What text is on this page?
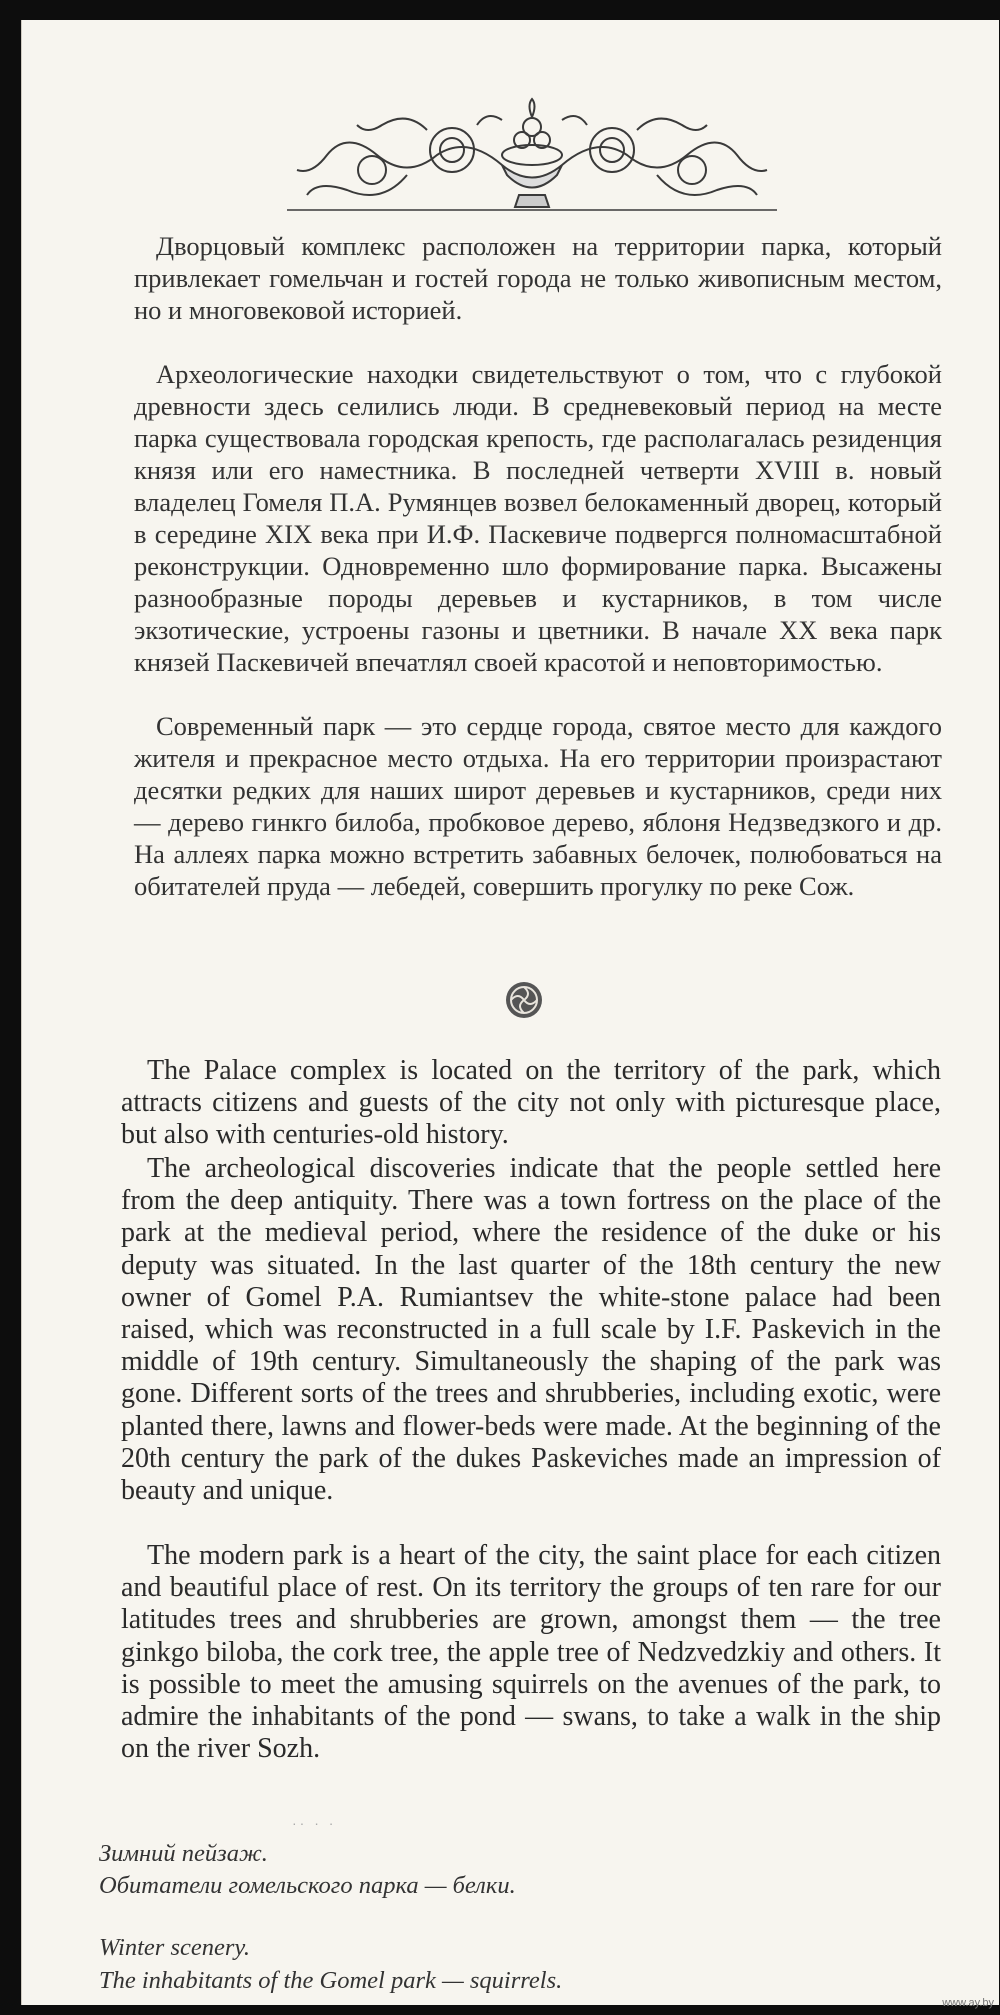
Дворцовый комплекс расположен на территории парка, который привлекает гомельчан и гостей города не только живописным местом, но и многовековой историей.

Археологические находки свидетельствуют о том, что с глубокой древности здесь селились люди. В средневековый период на месте парка существовала городская крепость, где располагалась резиденция князя или его наместника. В последней четверти XVIII в. новый владелец Гомеля П.А. Румянцев возвел белокаменный дворец, который в середине XIX века при И.Ф. Паскевиче подвергся полномасштабной реконструкции. Одновременно шло формирование парка. Высажены разнообразные породы деревьев и кустарников, в том числе экзотические, устроены газоны и цветники. В начале XX века парк князей Паскевичей впечатлял своей красотой и неповторимостью.

Современный парк — это сердце города, святое место для каждого жителя и прекрасное место отдыха. На его территории произрастают десятки редких для наших широт деревьев и кустарников, среди них — дерево гинкго билоба, пробковое дерево, яблоня Недзведзкого и др. На аллеях парка можно встретить забавных белочек, полюбоваться на обитателей пруда — лебедей, совершить прогулку по реке Сож.

The Palace complex is located on the territory of the park, which attracts citizens and guests of the city not only with picturesque place, but also with centuries-old history.

The archeological discoveries indicate that the people settled here from the deep antiquity. There was a town fortress on the place of the park at the medieval period, where the residence of the duke or his deputy was situated. In the last quarter of the 18th century the new owner of Gomel P.A. Rumiantsev the white-stone palace had been raised, which was reconstructed in a full scale by I.F. Paskevich in the middle of 19th century. Simultaneously the shaping of the park was gone. Different sorts of the trees and shrubberies, including exotic, were planted there, lawns and flower-beds were made. At the beginning of the 20th century the park of the dukes Paskeviches made an impression of beauty and unique.

The modern park is a heart of the city, the saint place for each citizen and beautiful place of rest. On its territory the groups of ten rare for our latitudes trees and shrubberies are grown, amongst them — the tree ginkgo biloba, the cork tree, the apple tree of Nedzvedzkiy and others. It is possible to meet the amusing squirrels on the avenues of the park, to admire the inhabitants of the pond — swans, to take a walk in the ship on the river Sozh.

·· · ·

Зимний пейзаж.

Обитатели гомельского парка — белки.

Winter scenery.

The inhabitants of the Gomel park — squirrels.

www.ay.by
